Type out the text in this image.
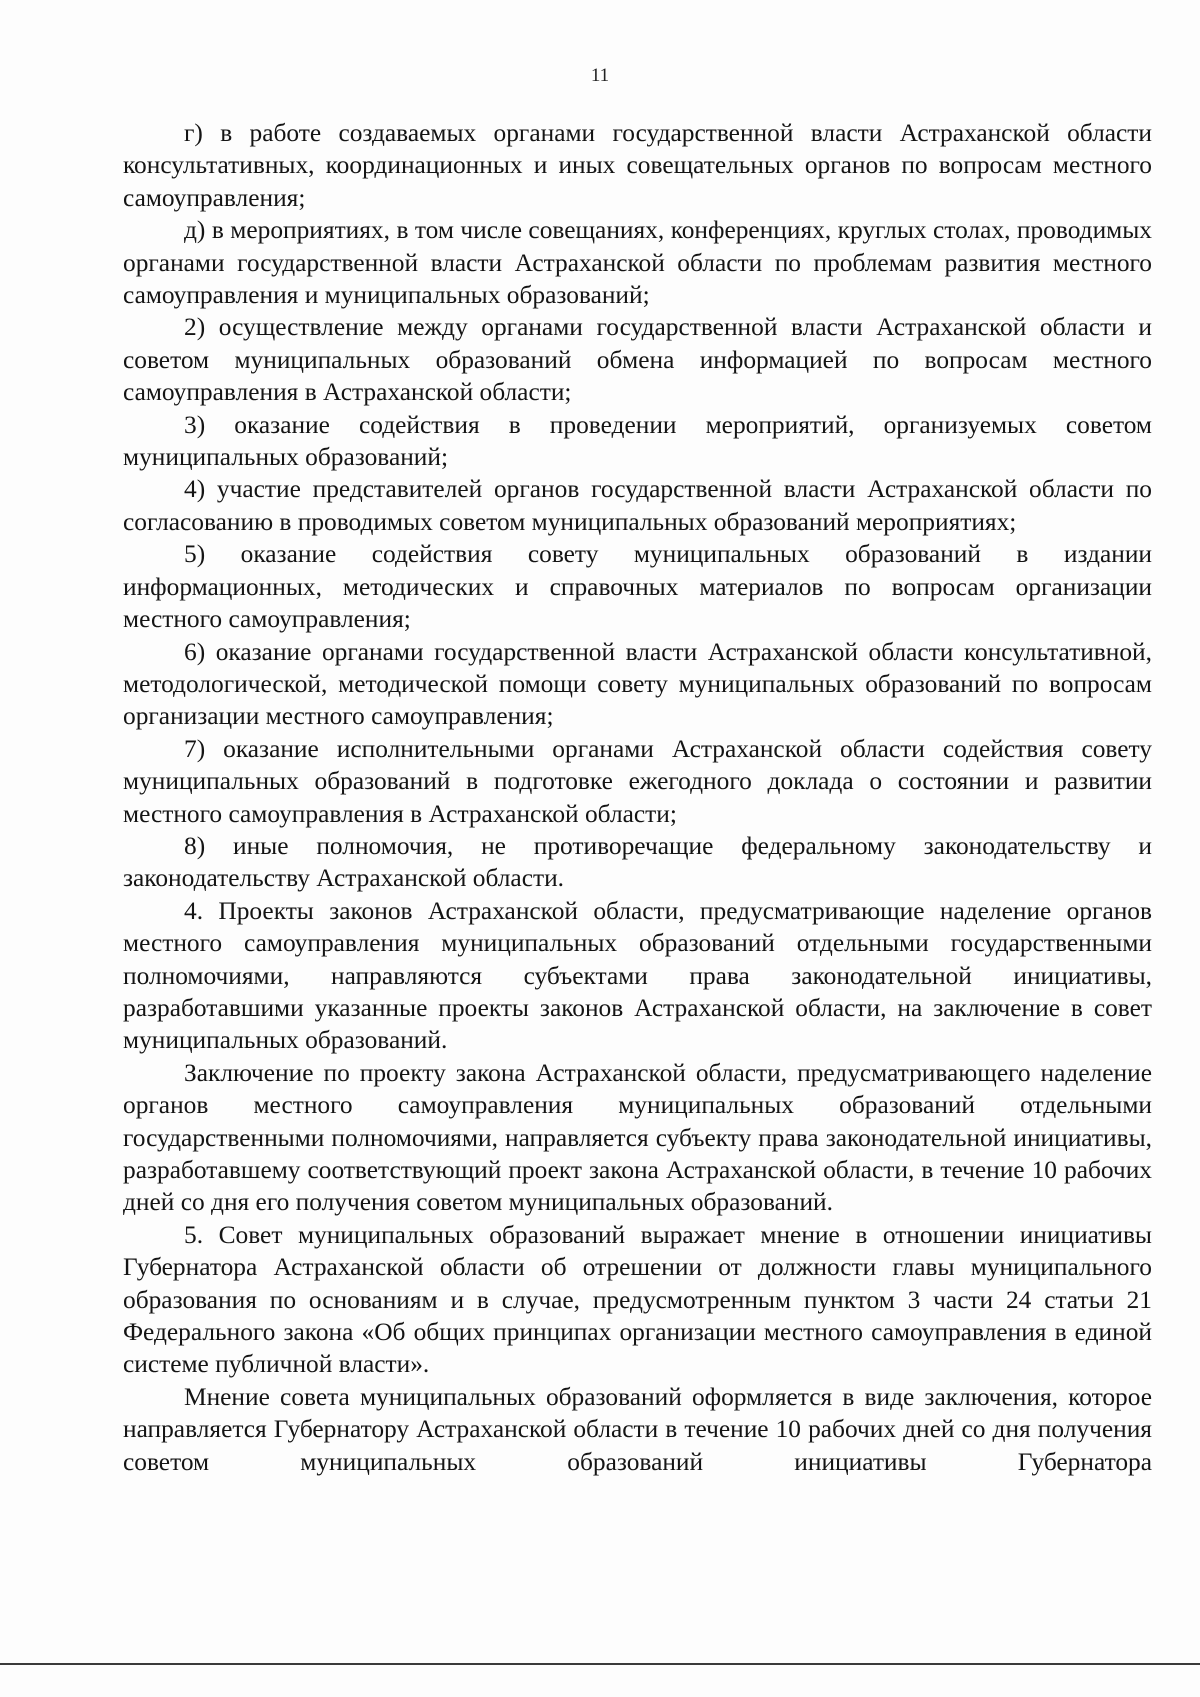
11

г) в работе создаваемых органами государственной власти Астраханской области консультативных, координационных и иных совещательных органов по вопросам местного самоуправления;

д) в мероприятиях, в том числе совещаниях, конференциях, круглых столах, проводимых органами государственной власти Астраханской области по проблемам развития местного самоуправления и муниципальных образований;

2) осуществление между органами государственной власти Астраханской области и советом муниципальных образований обмена информацией по вопросам местного самоуправления в Астраханской области;

3) оказание содействия в проведении мероприятий, организуемых советом муниципальных образований;

4) участие представителей органов государственной власти Астраханской области по согласованию в проводимых советом муниципальных образований мероприятиях;

5) оказание содействия совету муниципальных образований в издании информационных, методических и справочных материалов по вопросам организации местного самоуправления;

6) оказание органами государственной власти Астраханской области консультативной, методологической, методической помощи совету муниципальных образований по вопросам организации местного самоуправления;

7) оказание исполнительными органами Астраханской области содействия совету муниципальных образований в подготовке ежегодного доклада о состоянии и развитии местного самоуправления в Астраханской области;

8) иные полномочия, не противоречащие федеральному законодательству и законодательству Астраханской области.

4. Проекты законов Астраханской области, предусматривающие наделение органов местного самоуправления муниципальных образований отдельными государственными полномочиями, направляются субъектами права законодательной инициативы, разработавшими указанные проекты законов Астраханской области, на заключение в совет муниципальных образований.

Заключение по проекту закона Астраханской области, предусматривающего наделение органов местного самоуправления муниципальных образований отдельными государственными полномочиями, направляется субъекту права законодательной инициативы, разработавшему соответствующий проект закона Астраханской области, в течение 10 рабочих дней со дня его получения советом муниципальных образований.

5. Совет муниципальных образований выражает мнение в отношении инициативы Губернатора Астраханской области об отрешении от должности главы муниципального образования по основаниям и в случае, предусмотренным пунктом 3 части 24 статьи 21 Федерального закона «Об общих принципах организации местного самоуправления в единой системе публичной власти».

Мнение совета муниципальных образований оформляется в виде заключения, которое направляется Губернатору Астраханской области в течение 10 рабочих дней со дня получения советом муниципальных образований инициативы Губернатора
